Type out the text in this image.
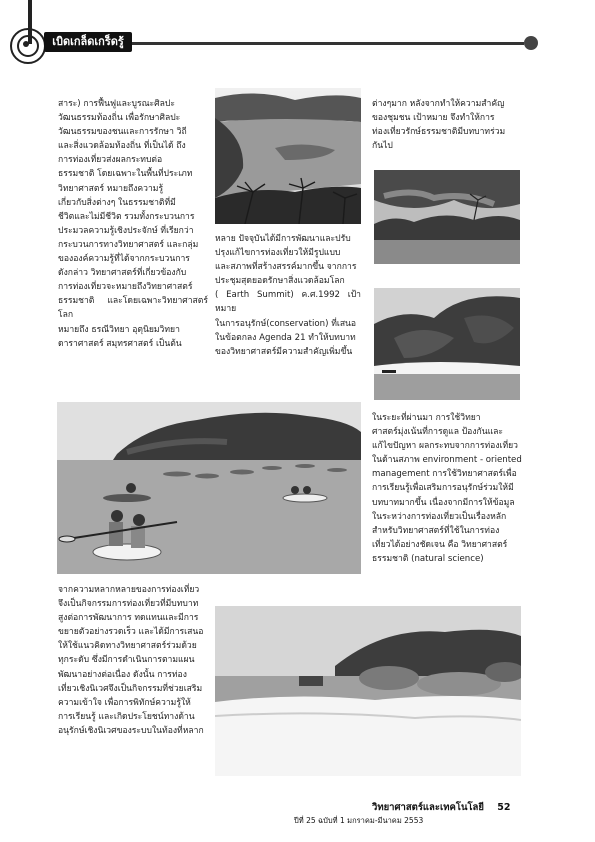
เบิดเกล็ดเกร็ดรู้
สาระ) การฟื้นฟูและบูรณะศิลปะ
วัฒนธรรมท้องถิ่น เพื่อรักษาศิลปะ
วัฒนธรรมของชนและการรักษา วิถี
และสิ่งแวดล้อมท้องถิ่น ที่เป็นได้ ถึง
การท่องเที่ยวส่งผลกระทบต่อ
ธรรมชาติ โดยเฉพาะในพื้นที่ประเภท
วิทยาศาสตร์ หมายถึงความรู้
เกี่ยวกับสิ่งต่างๆ ในธรรมชาติที่มี
ชีวิตและไม่มีชีวิต รวมทั้งกระบวนการ
ประมวลความรู้เชิงประจักษ์ ที่เรียกว่า
กระบวนการทางวิทยาศาสตร์ และกลุ่ม
ขององค์ความรู้ที่ได้จากกระบวนการ
ดังกล่าว วิทยาศาสตร์ที่เกี่ยวข้องกับ
การท่องเที่ยวจะหมายถึงวิทยาศาสตร์
ธรรมชาติ และโดยเฉพาะวิทยาศาสตร์โลก
หมายถึง ธรณีวิทยา อุตุนิยมวิทยา
ดาราศาสตร์ สมุทรศาสตร์ เป็นต้น
หลาย ปัจจุบันได้มีการพัฒนาและปรับ
ปรุงแก้ไขการท่องเที่ยวให้มีรูปแบบ
และสภาพที่สร้างสรรค์มากขึ้น จากการ
ประชุมสุดยอดรักษาสิ่งแวดล้อมโลก
( Earth Summit) ค.ศ.1992 เป้าหมาย
ในการอนุรักษ์(conservation) ที่เสนอ
ในข้อตกลง Agenda 21 ทำให้บทบาท
ของวิทยาศาสตร์มีความสำคัญเพิ่มขึ้น
ต่างๆมาก หลังจากทำให้ความสำคัญ
ของชุมชน เป้าหมาย จึงทำให้การ
ท่องเที่ยวรักษ์ธรรมชาติมีบทบาทร่วม
กันไป
ในระยะที่ผ่านมา การใช้วิทยา
ศาสตร์มุ่งเน้นที่การดูแล ป้องกันและ
แก้ไขปัญหา ผลกระทบจากการท่องเที่ยว
ในด้านสภาพ environment - oriented
management การใช้วิทยาศาสตร์เพื่อ
การเรียนรู้เพื่อเสริมการอนุรักษ์ร่วมให้มี
บทบาทมากขึ้น เนื่องจากมีการให้ข้อมูล
ในระหว่างการท่องเที่ยวเป็นเรื่องหลัก
สำหรับวิทยาศาสตร์ที่ใช้ในการท่อง
เที่ยวได้อย่างชัดเจน คือ วิทยาศาสตร์
ธรรมชาติ (natural science)
จากความหลากหลายของการท่องเที่ยว
จึงเป็นกิจกรรมการท่องเที่ยวที่มีบทบาท
สูงต่อการพัฒนาการ ทดแทนและมีการ
ขยายตัวอย่างรวดเร็ว และได้มีการเสนอ
ให้ใช้แนวคิดทางวิทยาศาสตร์ร่วมด้วย
ทุกระดับ ซึ่งมีการดำเนินการตามแผน
พัฒนาอย่างต่อเนื่อง ดังนั้น การท่อง
เที่ยวเชิงนิเวศจึงเป็นกิจกรรมที่ช่วยเสริม
ความเข้าใจ เพื่อการพิทักษ์ความรู้ให้
การเรียนรู้ และเกิดประโยชน์ทางด้าน
อนุรักษ์เชิงนิเวศของระบบในท้องที่หลาก
วิทยาศาสตร์และเทคโนโลยี 52
ปีที่ 25 ฉบับที่ 1 มกราคม-มีนาคม 2553
